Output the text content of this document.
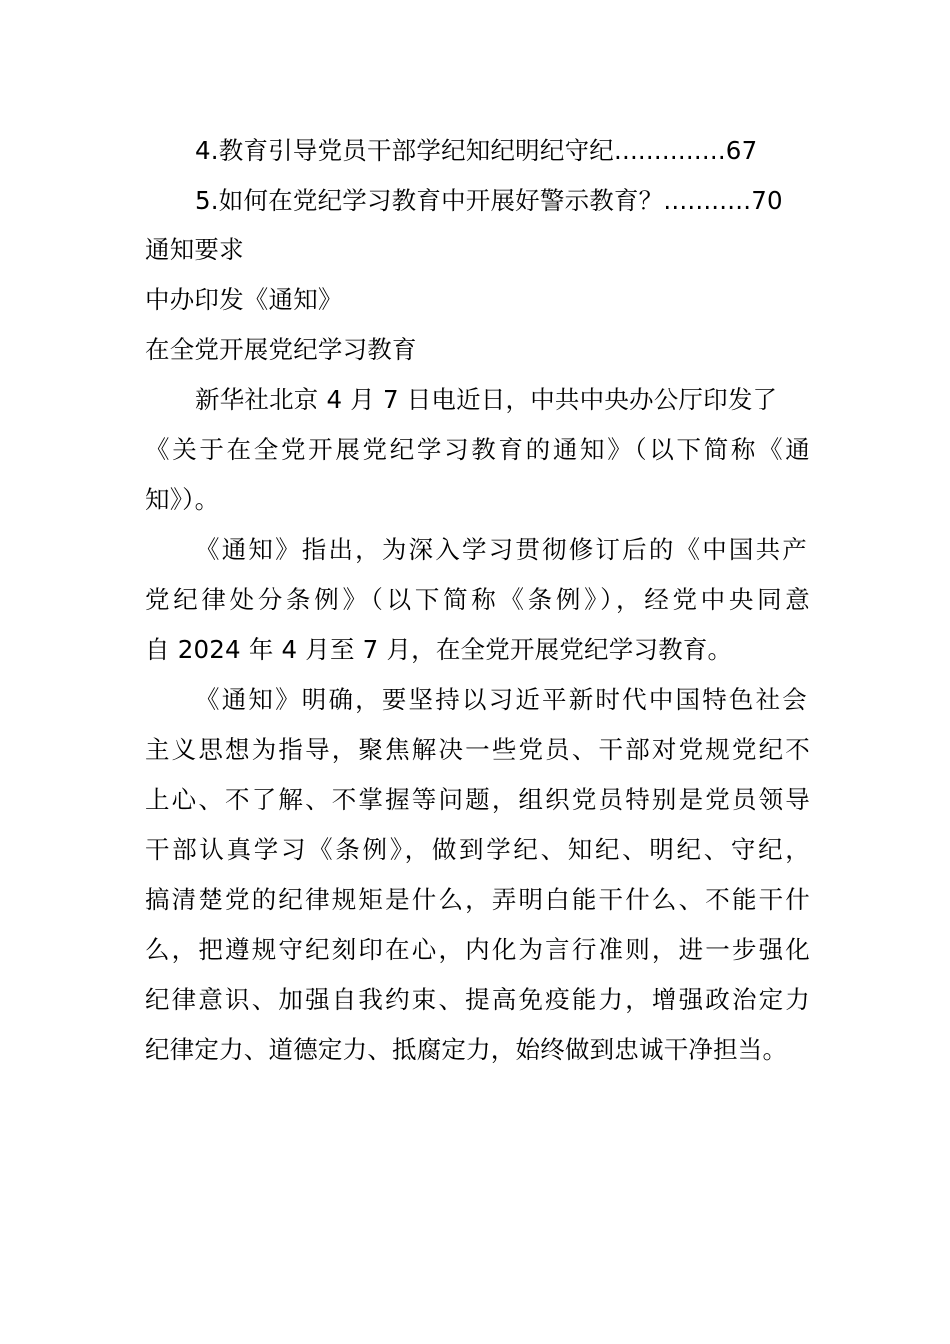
4.教育引导党员干部学纪知纪明纪守纪..............67
5.如何在党纪学习教育中开展好警示教育？...........70
通知要求
中办印发《通知》
在全党开展党纪学习教育
新华社北京 4 月 7 日电近日，中共中央办公厅印发了
《关于在全党开展党纪学习教育的通知》（以下简称《通
知》）。
《通知》指出，为深入学习贯彻修订后的《中国共产
党纪律处分条例》（以下简称《条例》），经党中央同意
自 2024 年 4 月至 7 月，在全党开展党纪学习教育。
《通知》明确，要坚持以习近平新时代中国特色社会
主义思想为指导，聚焦解决一些党员、干部对党规党纪不
上心、不了解、不掌握等问题，组织党员特别是党员领导
干部认真学习《条例》，做到学纪、知纪、明纪、守纪，
搞清楚党的纪律规矩是什么，弄明白能干什么、不能干什
么，把遵规守纪刻印在心，内化为言行准则，进一步强化
纪律意识、加强自我约束、提高免疫能力，增强政治定力
纪律定力、道德定力、抵腐定力，始终做到忠诚干净担当。
